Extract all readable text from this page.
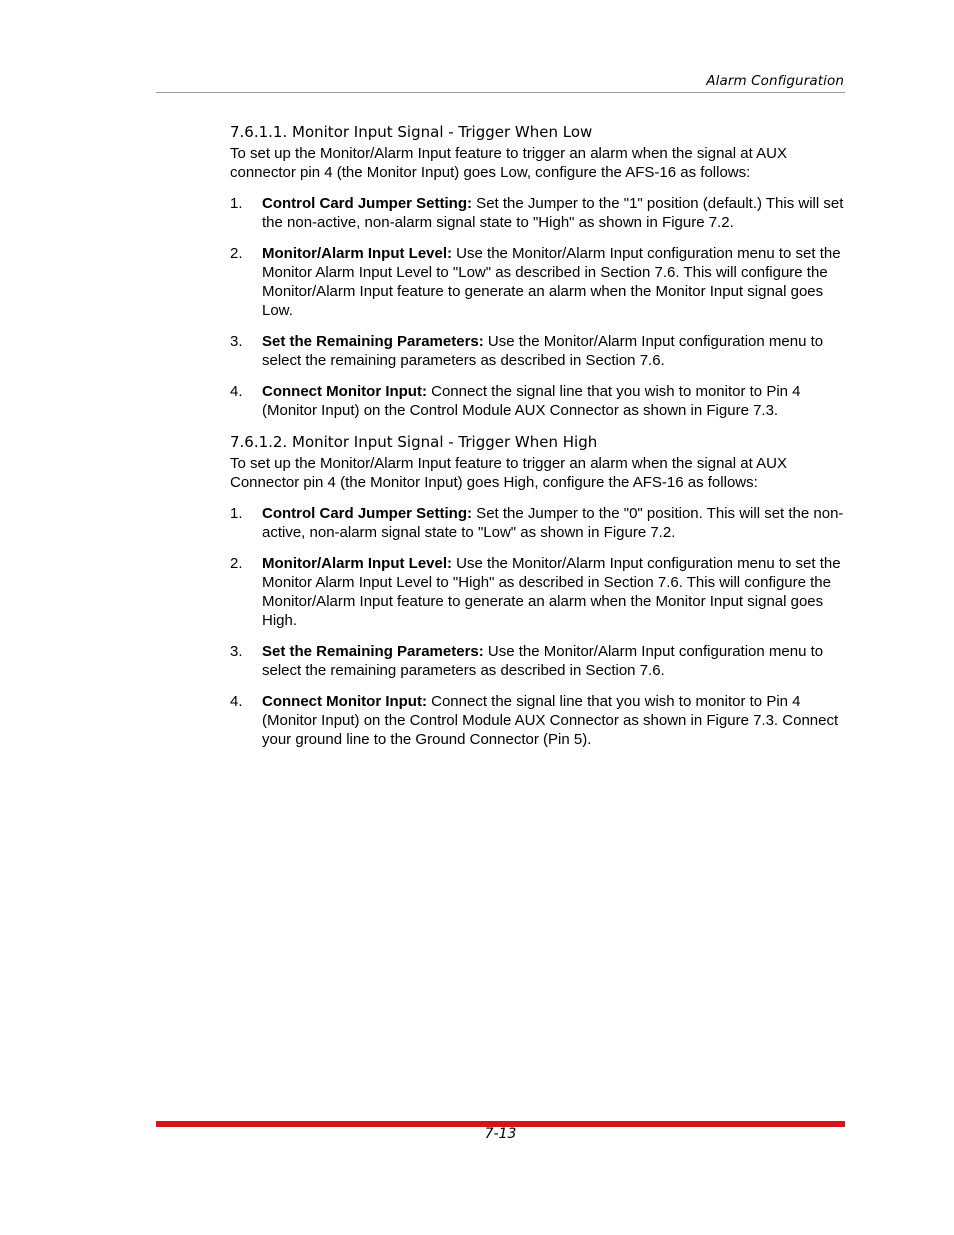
Alarm Configuration
7.6.1.1. Monitor Input Signal - Trigger When Low

To set up the Monitor/Alarm Input feature to trigger an alarm when the signal at AUX connector pin 4 (the Monitor Input) goes Low, configure the AFS-16 as follows:

1.	Control Card Jumper Setting: Set the Jumper to the "1" position (default.) This will set the non-active, non-alarm signal state to "High" as shown in Figure 7.2.
2.	Monitor/Alarm Input Level: Use the Monitor/Alarm Input configuration menu to set the Monitor Alarm Input Level to "Low" as described in Section 7.6. This will configure the Monitor/Alarm Input feature to generate an alarm when the Monitor Input signal goes Low.
3.	Set the Remaining Parameters: Use the Monitor/Alarm Input configuration menu to select the remaining parameters as described in Section 7.6.
4.	Connect Monitor Input: Connect the signal line that you wish to monitor to Pin 4 (Monitor Input) on the Control Module AUX Connector as shown in Figure 7.3.
7.6.1.2. Monitor Input Signal - Trigger When High

To set up the Monitor/Alarm Input feature to trigger an alarm when the signal at AUX Connector pin 4 (the Monitor Input) goes High, configure the AFS-16 as follows:

1.	Control Card Jumper Setting: Set the Jumper to the "0" position. This will set the non-active, non-alarm signal state to "Low" as shown in Figure 7.2.
2.	Monitor/Alarm Input Level: Use the Monitor/Alarm Input configuration menu to set the Monitor Alarm Input Level to "High" as described in Section 7.6. This will configure the Monitor/Alarm Input feature to generate an alarm when the Monitor Input signal goes High.
3.	Set the Remaining Parameters: Use the Monitor/Alarm Input configuration menu to select the remaining parameters as described in Section 7.6.
4.	Connect Monitor Input: Connect the signal line that you wish to monitor to Pin 4 (Monitor Input) on the Control Module AUX Connector as shown in Figure 7.3. Connect your ground line to the Ground Connector (Pin 5).
7-13
